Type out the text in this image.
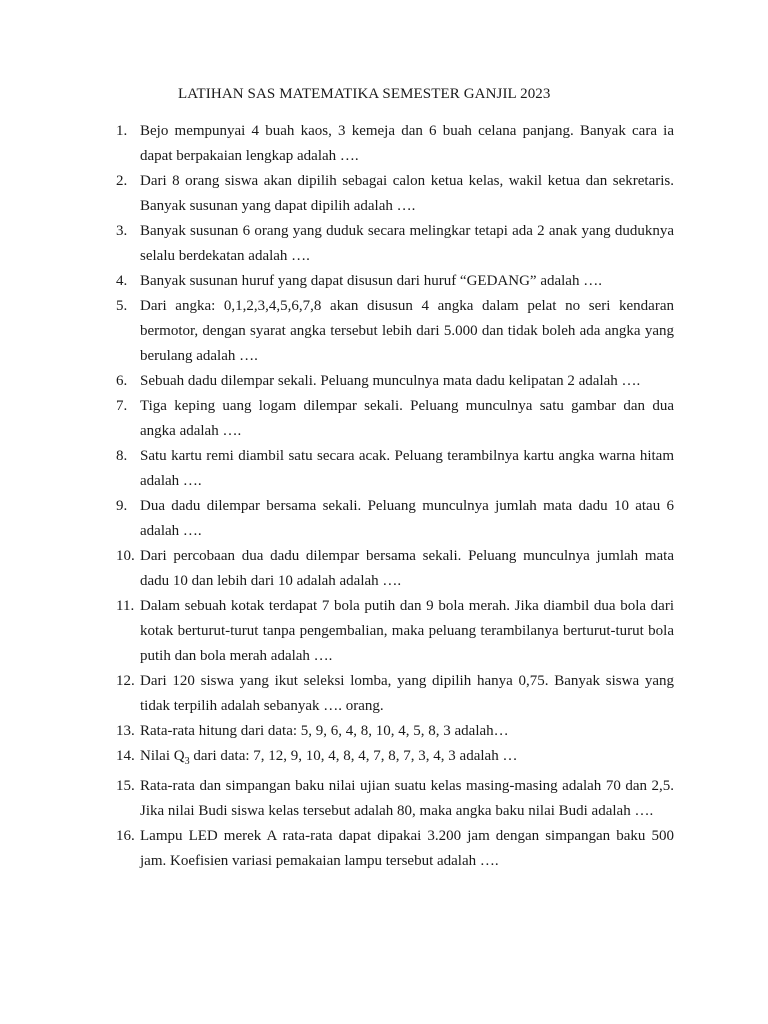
LATIHAN SAS MATEMATIKA SEMESTER GANJIL 2023
1. Bejo mempunyai 4 buah kaos, 3 kemeja dan 6 buah celana panjang. Banyak cara ia dapat berpakaian lengkap adalah ….
2. Dari 8 orang siswa akan dipilih sebagai calon ketua kelas, wakil ketua dan sekretaris. Banyak susunan yang dapat dipilih adalah ….
3. Banyak susunan 6 orang yang duduk secara melingkar tetapi ada 2 anak yang duduknya selalu berdekatan adalah ….
4. Banyak susunan huruf yang dapat disusun dari huruf “GEDANG” adalah ….
5. Dari angka: 0,1,2,3,4,5,6,7,8 akan disusun 4 angka dalam pelat no seri kendaran bermotor, dengan syarat angka tersebut lebih dari 5.000 dan tidak boleh ada angka yang berulang adalah ….
6. Sebuah dadu dilempar sekali. Peluang munculnya mata dadu kelipatan 2 adalah ….
7. Tiga keping uang logam dilempar sekali. Peluang munculnya satu gambar dan dua angka adalah ….
8. Satu kartu remi diambil satu secara acak. Peluang terambilnya kartu angka warna hitam adalah ….
9. Dua dadu dilempar bersama sekali. Peluang munculnya jumlah mata dadu 10 atau 6 adalah ….
10. Dari percobaan dua dadu dilempar bersama sekali. Peluang munculnya jumlah mata dadu 10 dan lebih dari 10 adalah adalah ….
11. Dalam sebuah kotak terdapat 7 bola putih dan 9 bola merah. Jika diambil dua bola dari kotak berturut-turut tanpa pengembalian, maka peluang terambilanya berturut-turut bola putih dan bola merah adalah ….
12. Dari 120 siswa yang ikut seleksi lomba, yang dipilih hanya 0,75. Banyak siswa yang tidak terpilih adalah sebanyak …. orang.
13. Rata-rata hitung dari data: 5, 9, 6, 4, 8, 10, 4, 5, 8, 3 adalah…
14. Nilai $Q_3$ dari data: 7, 12, 9, 10, 4, 8, 4, 7, 8, 7, 3, 4, 3 adalah …
15. Rata-rata dan simpangan baku nilai ujian suatu kelas masing-masing adalah 70 dan 2,5. Jika nilai Budi siswa kelas tersebut adalah 80, maka angka baku nilai Budi adalah ….
16. Lampu LED merek A rata-rata dapat dipakai 3.200 jam dengan simpangan baku 500 jam. Koefisien variasi pemakaian lampu tersebut adalah ….
